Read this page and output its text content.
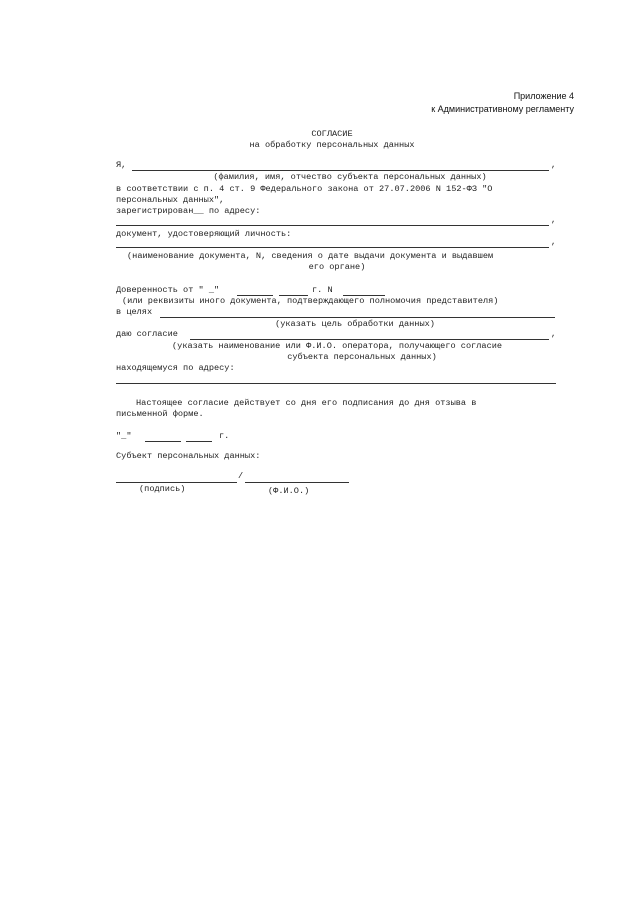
Приложение 4
к Административному регламенту
СОГЛАСИЕ
на обработку персональных данных
Я,	,
(фамилия, имя, отчество субъекта персональных данных)
в соответствии с п. 4 ст. 9 Федерального закона от 27.07.2006 N 152-ФЗ "О
персональных данных",
зарегистрирован__ по адресу:
,
документ, удостоверяющий личность:
,
(наименование документа, N, сведения о дате выдачи документа и выдавшем
его органе)
Доверенность от " _"	г. N
(или реквизиты иного документа, подтверждающего полномочия представителя)
в целях
(указать цель обработки данных)
даю согласие	,
(указать наименование или Ф.И.О. оператора, получающего согласие
субъекта персональных данных)
находящемуся по адресу:
Настоящее согласие действует со дня его подписания до дня отзыва в
письменной форме.
"_"	г.
Субъект персональных данных:
/
(подпись)	(Ф.И.О.)
